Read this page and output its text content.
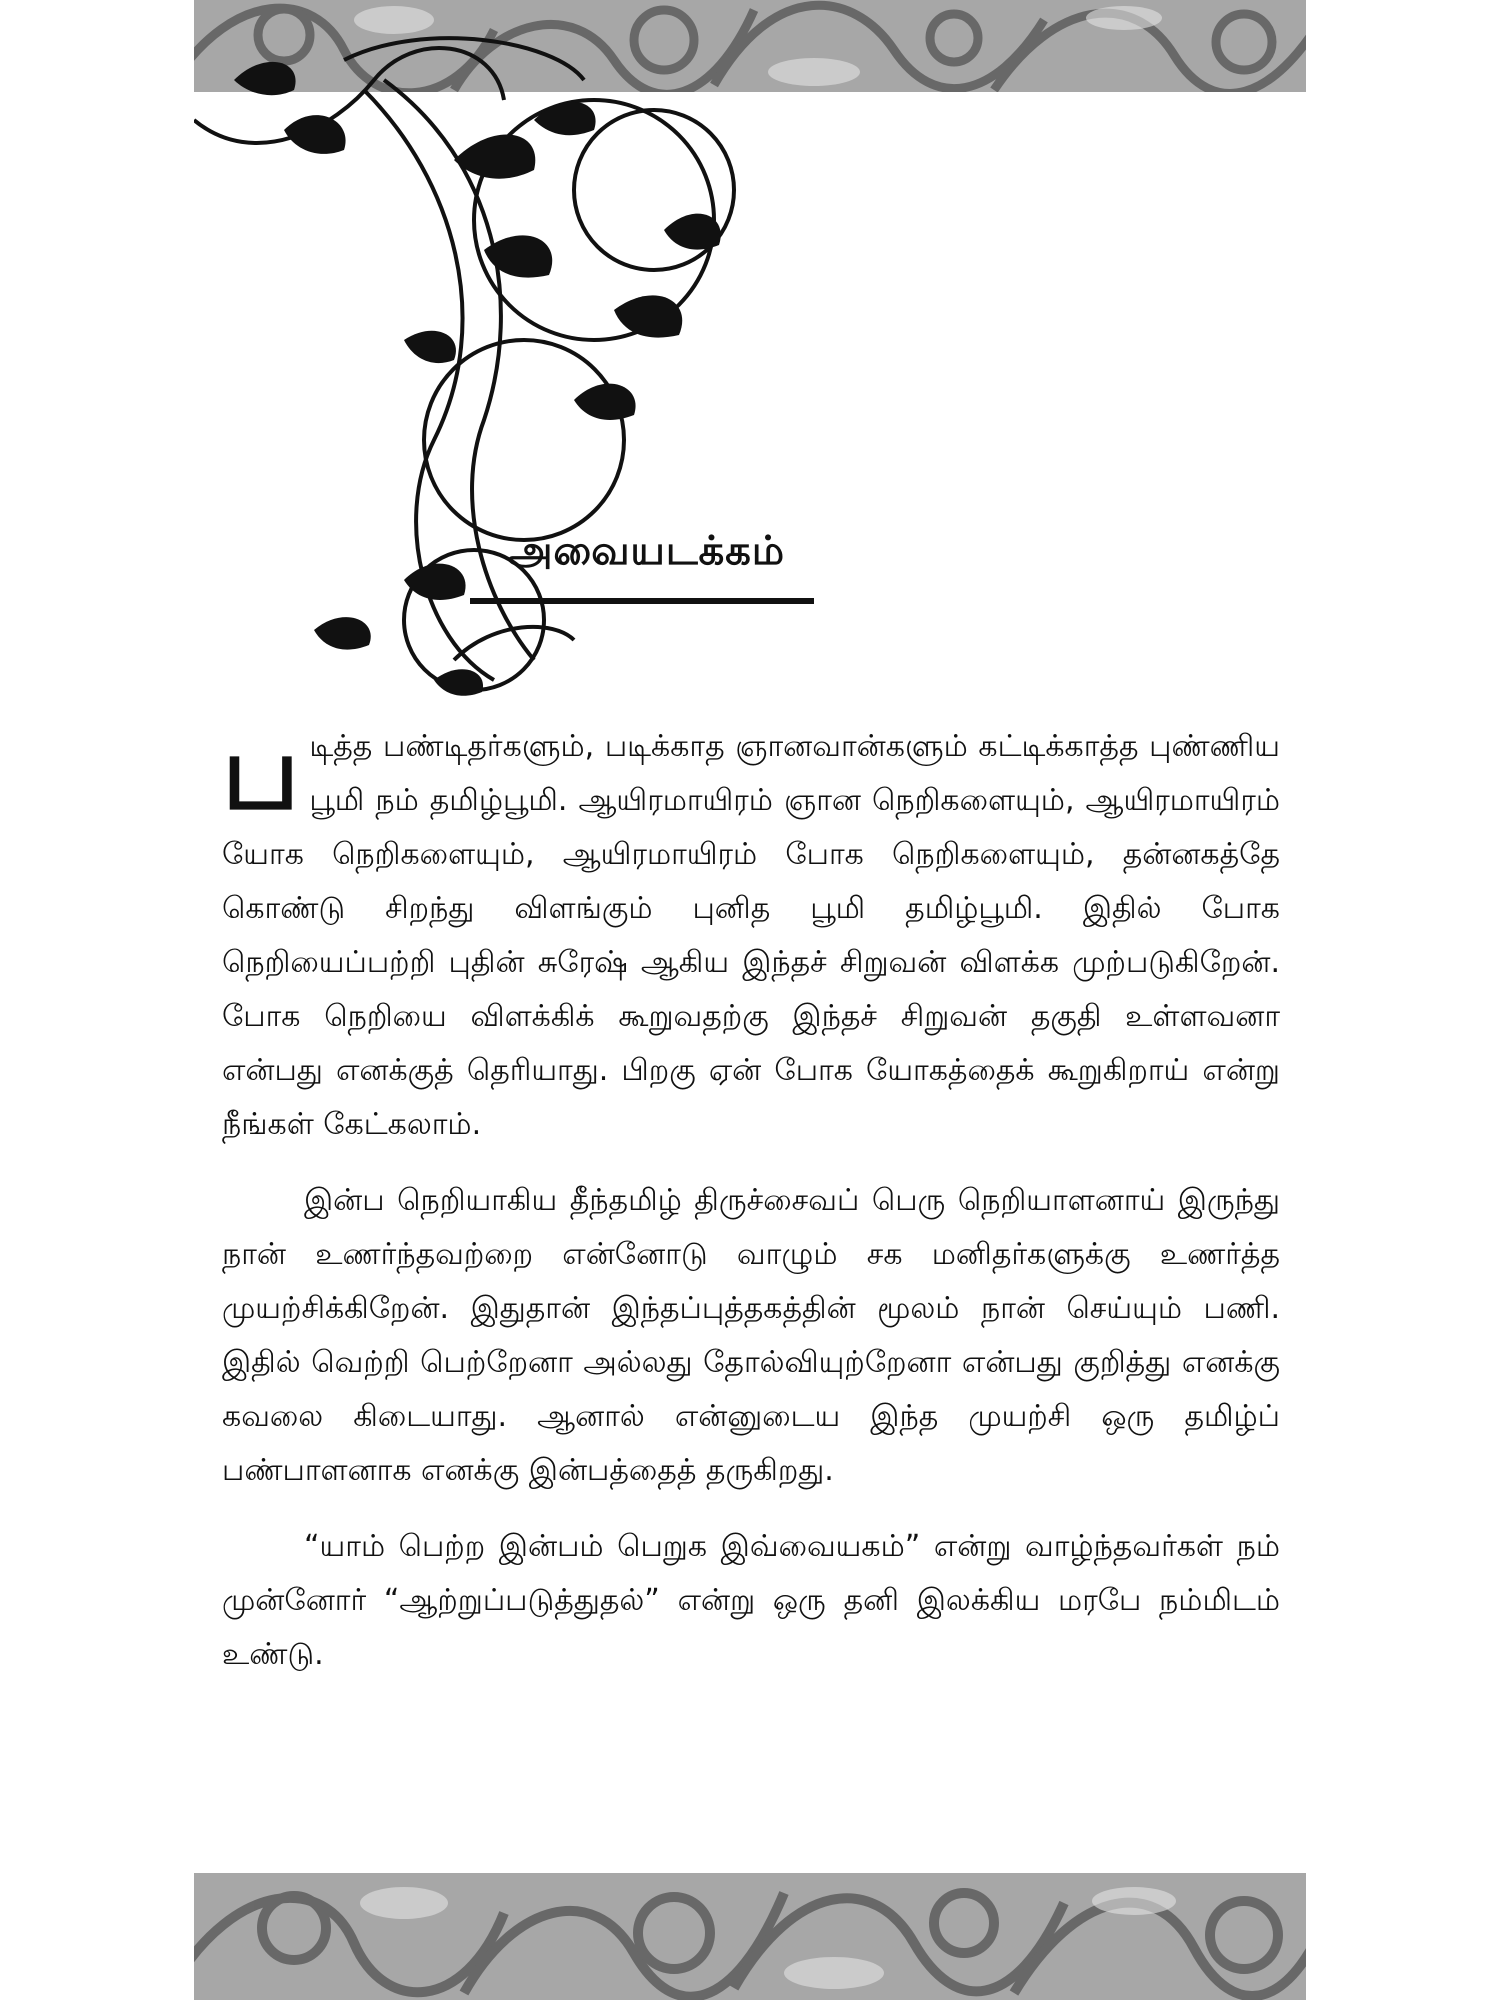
அவையடக்கம்

படித்த பண்டிதர்களும், படிக்காத ஞானவான்களும் கட்டிக்காத்த புண்ணிய பூமி நம் தமிழ்பூமி. ஆயிரமாயிரம் ஞான நெறிகளையும், ஆயிரமாயிரம் யோக நெறிகளையும், ஆயிரமாயிரம் போக நெறிகளையும், தன்னகத்தே கொண்டு சிறந்து விளங்கும் புனித பூமி தமிழ்பூமி. இதில் போக நெறியைப்பற்றி புதின் சுரேஷ் ஆகிய இந்தச் சிறுவன் விளக்க முற்படுகிறேன். போக நெறியை விளக்கிக் கூறுவதற்கு இந்தச் சிறுவன் தகுதி உள்ளவனா என்பது எனக்குத் தெரியாது. பிறகு ஏன் போக யோகத்தைக் கூறுகிறாய் என்று நீங்கள் கேட்கலாம்.

இன்ப நெறியாகிய தீந்தமிழ் திருச்சைவப் பெரு நெறியாளனாய் இருந்து நான் உணர்ந்தவற்றை என்னோடு வாழும் சக மனிதர்களுக்கு உணர்த்த முயற்சிக்கிறேன். இதுதான் இந்தப்புத்தகத்தின் மூலம் நான் செய்யும் பணி. இதில் வெற்றி பெற்றேனா அல்லது தோல்வியுற்றேனா என்பது குறித்து எனக்கு கவலை கிடையாது. ஆனால் என்னுடைய இந்த முயற்சி ஒரு தமிழ்ப் பண்பாளனாக எனக்கு இன்பத்தைத் தருகிறது.

“யாம் பெற்ற இன்பம் பெறுக இவ்வையகம்” என்று வாழ்ந்தவர்கள் நம் முன்னோர் “ஆற்றுப்படுத்துதல்” என்று ஒரு தனி இலக்கிய மரபே நம்மிடம் உண்டு.
